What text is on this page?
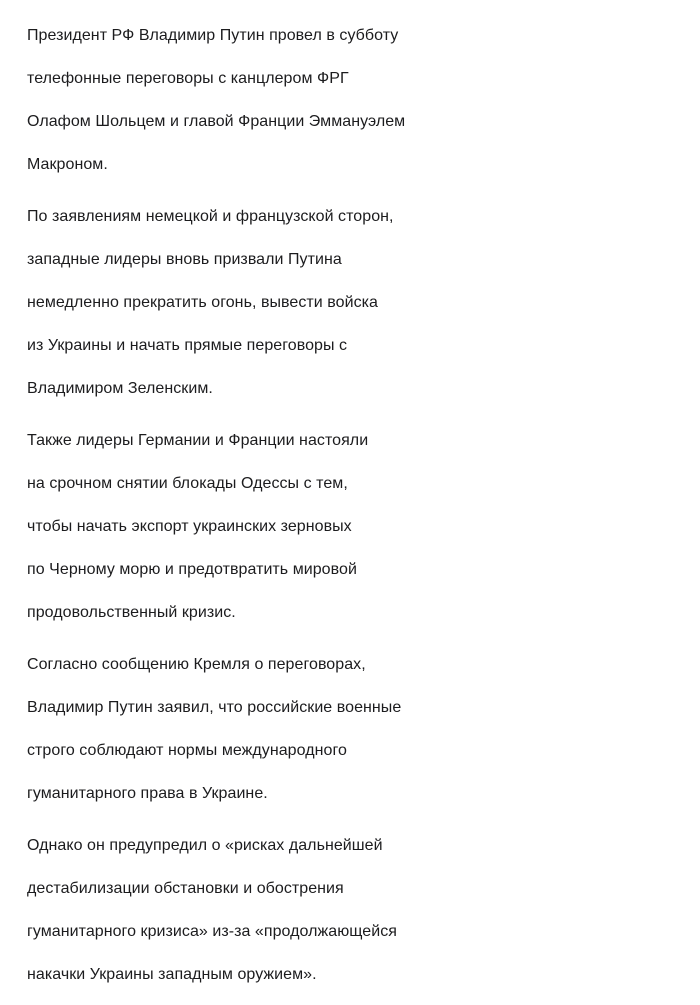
Президент РФ Владимир Путин провел в субботу
телефонные переговоры с канцлером ФРГ
Олафом Шольцем и главой Франции Эммануэлем
Макроном.

По заявлениям немецкой и французской сторон,
западные лидеры вновь призвали Путина
немедленно прекратить огонь, вывести войска
из Украины и начать прямые переговоры с
Владимиром Зеленским.

Также лидеры Германии и Франции настояли
на срочном снятии блокады Одессы с тем,
чтобы начать экспорт украинских зерновых
по Черному морю и предотвратить мировой
продовольственный кризис.

Согласно сообщению Кремля о переговорах,
Владимир Путин заявил, что российские военные
строго соблюдают нормы международного
гуманитарного права в Украине.

Однако он предупредил о «рисках дальнейшей
дестабилизации обстановки и обострения
гуманитарного кризиса» из-за «продолжающейся
накачки Украины западным оружием».
